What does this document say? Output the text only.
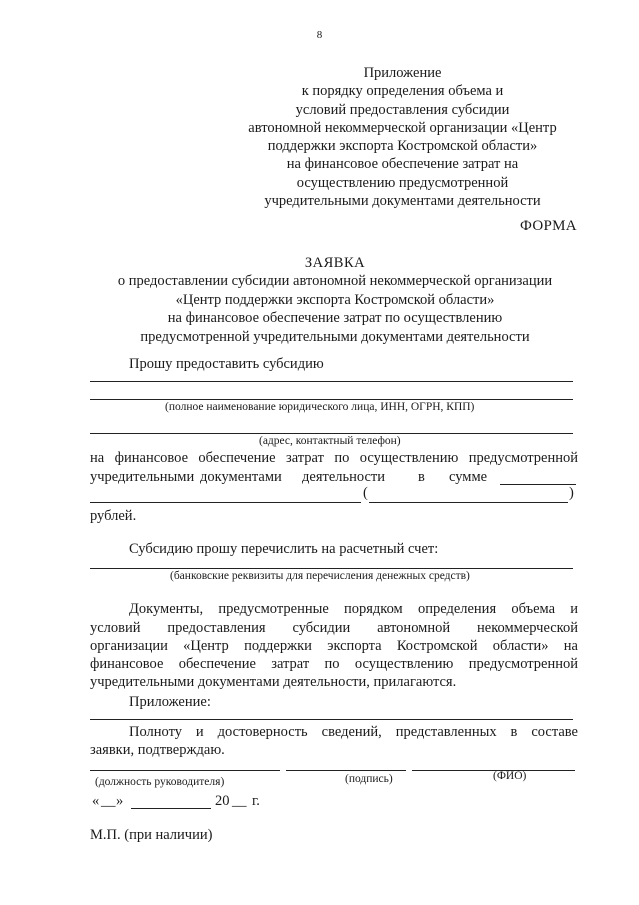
8
Приложение
к порядку определения объема и
условий предоставления субсидии
автономной некоммерческой организации «Центр
поддержки экспорта Костромской области»
на финансовое обеспечение затрат на
осуществлению предусмотренной
учредительными документами деятельности
ФОРМА
ЗАЯВКА
о предоставлении субсидии автономной некоммерческой организации
«Центр поддержки экспорта Костромской области»
на финансовое обеспечение затрат по осуществлению
предусмотренной учредительными документами деятельности
Прошу предоставить субсидию
(полное наименование юридического лица, ИНН, ОГРН, КПП)
(адрес, контактный телефон)
на финансовое обеспечение затрат по осуществлению предусмотренной
учредительными документами деятельности в сумме
(	)
рублей.
Субсидию прошу перечислить на расчетный счет:
(банковские реквизиты для перечисления денежных средств)
Документы, предусмотренные порядком определения объема и
условий предоставления субсидии автономной некоммерческой
организации «Центр поддержки экспорта Костромской области» на
финансовое обеспечение затрат по осуществлению предусмотренной
учредительными документами деятельности, прилагаются.
Приложение:
Полноту и достоверность сведений, представленных в составе
заявки, подтверждаю.
(должность руководителя)	(подпись)	(ФИО)
« __ »	20 __ г.
М.П. (при наличии)
